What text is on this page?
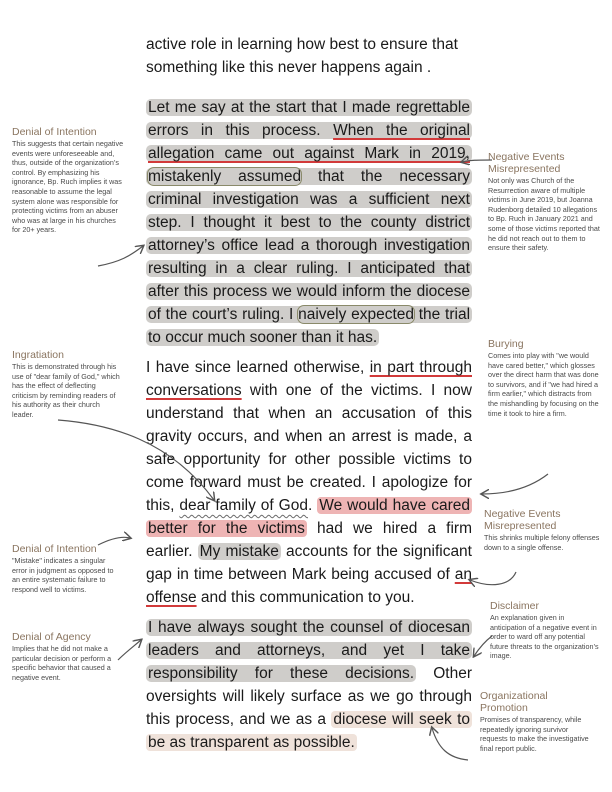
active role in learning how best to ensure that something like this never happens again .

Let me say at the start that I made regrettable errors in this process. When the original allegation came out against Mark in 2019, mistakenly assumed that the necessary criminal investigation was a sufficient next step. I thought it best to the county district attorney’s office lead a thorough investigation resulting in a clear ruling. I anticipated that after this process we would inform the diocese of the court’s ruling. I naively expected the trial to occur much sooner than it has.

I have since learned otherwise, in part through conversations with one of the victims. I now understand that when an accusation of this gravity occurs, and when an arrest is made, a safe opportunity for other possible victims to come forward must be created. I apologize for this, dear family of God. We would have cared better for the victims had we hired a firm earlier. My mistake accounts for the significant gap in time between Mark being accused of an offense and this communication to you.

I have always sought the counsel of diocesan leaders and attorneys, and yet I take responsibility for these decisions. Other oversights will likely surface as we go through this process, and we as a diocese will seek to be as transparent as possible.

Denial of Intention
This suggests that certain negative events were unforeseeable and, thus, outside of the organization’s control. By emphasizing his ignorance, Bp. Ruch implies it was reasonable to assume the legal system alone was responsible for protecting victims from an abuser who was at large in his churches for 20+ years.
Ingratiation
This is demonstrated through his use of "dear family of God," which has the effect of deflecting criticism by reminding readers of his authority as their church leader.
Denial of Intention
"Mistake" indicates a singular error in judgment as opposed to an entire systematic failure to respond well to victims.
Denial of Agency
Implies that he did not make a particular decision or perform a specific behavior that caused a negative event.
Negative Events Misrepresented
Not only was Church of the Resurrection aware of multiple victims in June 2019, but Joanna Rudenborg detailed 10 allegations to Bp. Ruch in January 2021 and some of those victims reported that he did not reach out to them to ensure their safety.
Burying
Comes into play with "we would have cared better," which glosses over the direct harm that was done to survivors, and if "we had hired a firm earlier," which distracts from the mishandling by focusing on the time it took to hire a firm.
Negative Events Misrepresented
This shrinks multiple felony offenses down to a single offense.
Disclaimer
An explanation given in anticipation of a negative event in order to ward off any potential future threats to the organization’s image.
Organizational Promotion
Promises of transparency, while repeatedly ignoring survivor requests to make the investigative final report public.
